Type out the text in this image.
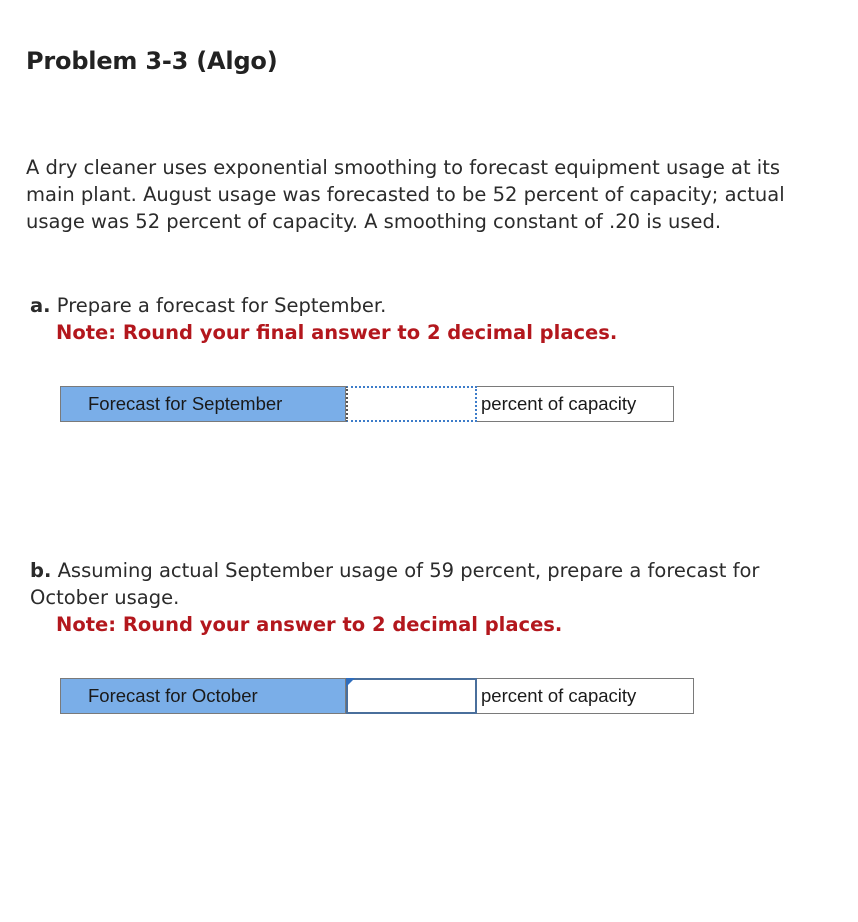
Problem 3-3 (Algo)

A dry cleaner uses exponential smoothing to forecast equipment usage at its main plant. August usage was forecasted to be 52 percent of capacity; actual usage was 52 percent of capacity. A smoothing constant of .20 is used.

a. Prepare a forecast for September.
Note: Round your final answer to 2 decimal places.
Forecast for September	percent of capacity
b. Assuming actual September usage of 59 percent, prepare a forecast for October usage.
Note: Round your answer to 2 decimal places.
Forecast for October	percent of capacity
